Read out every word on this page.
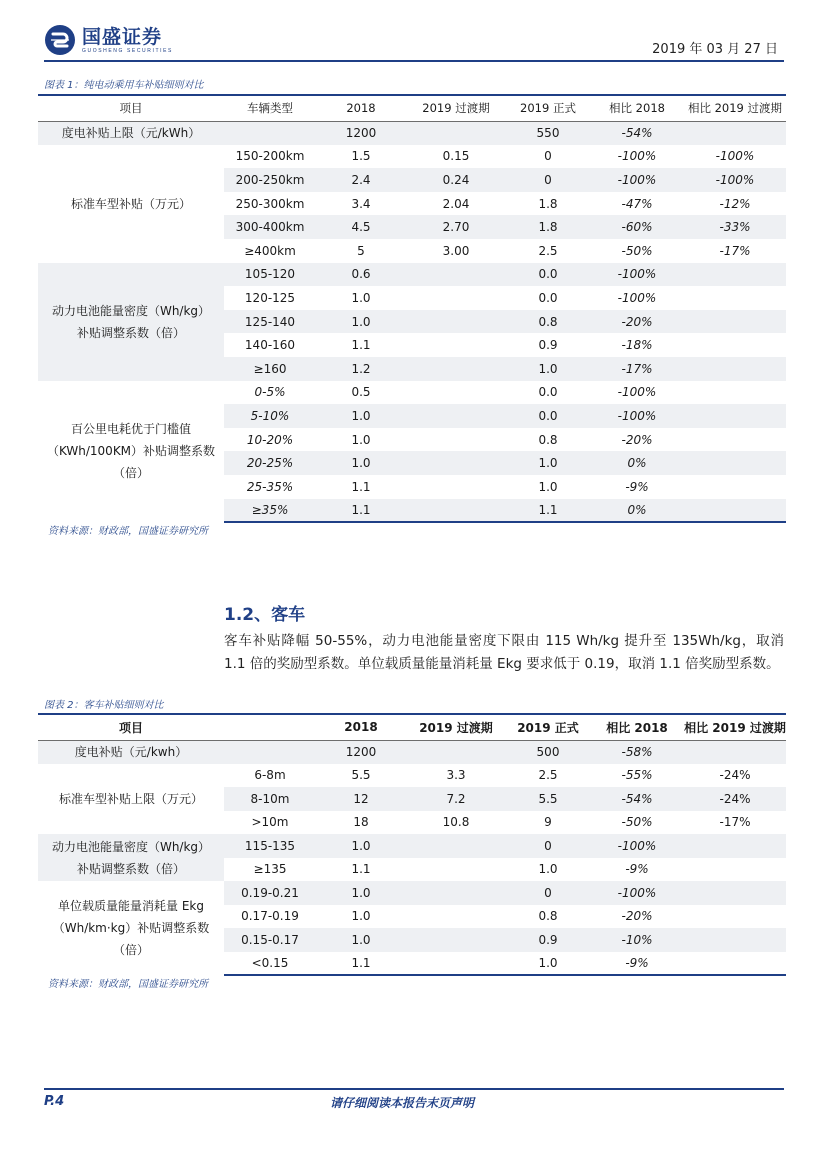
国盛证券
GUOSHENG SECURITIES	2019 年 03 月 27 日
图表 1：纯电动乘用车补贴细则对比
项目	车辆类型	2018	2019 过渡期	2019 正式	相比 2018	相比 2019 过渡期
度电补贴上限（元/kWh）		1200		550	-54%	
标准车型补贴（万元）	150-200km	1.5	0.15	0	-100%	-100%
	200-250km	2.4	0.24	0	-100%	-100%
	250-300km	3.4	2.04	1.8	-47%	-12%
	300-400km	4.5	2.70	1.8	-60%	-33%
	≥400km	5	3.00	2.5	-50%	-17%
动力电池能量密度（Wh/kg）补贴调整系数（倍）	105-120	0.6		0.0	-100%	
	120-125	1.0		0.0	-100%	
	125-140	1.0		0.8	-20%	
	140-160	1.1		0.9	-18%	
	≥160	1.2		1.0	-17%	
百公里电耗优于门槛值（KWh/100KM）补贴调整系数（倍）	0-5%	0.5		0.0	-100%	
	5-10%	1.0		0.0	-100%	
	10-20%	1.0		0.8	-20%	
	20-25%	1.0		1.0	0%	
	25-35%	1.1		1.0	-9%	
	≥35%	1.1		1.1	0%	
资料来源：财政部，国盛证券研究所
1.2、客车

客车补贴降幅 50-55%，动力电池能量密度下限由 115 Wh/kg 提升至 135Wh/kg，取消 1.1 倍的奖励型系数。单位载质量能量消耗量 Ekg 要求低于 0.19，取消 1.1 倍奖励型系数。

图表 2：客车补贴细则对比
项目		2018	2019 过渡期	2019 正式	相比 2018	相比 2019 过渡期
度电补贴（元/kwh）		1200		500	-58%	
标准车型补贴上限（万元）	6-8m	5.5	3.3	2.5	-55%	-24%
	8-10m	12	7.2	5.5	-54%	-24%
	>10m	18	10.8	9	-50%	-17%
动力电池能量密度（Wh/kg）补贴调整系数（倍）	115-135	1.0		0	-100%	
	≥135	1.1		1.0	-9%	
单位载质量能量消耗量 Ekg（Wh/km·kg）补贴调整系数（倍）	0.19-0.21	1.0		0	-100%	
	0.17-0.19	1.0		0.8	-20%	
	0.15-0.17	1.0		0.9	-10%	
	<0.15	1.1		1.0	-9%	
资料来源：财政部，国盛证券研究所
P.4	请仔细阅读本报告末页声明
